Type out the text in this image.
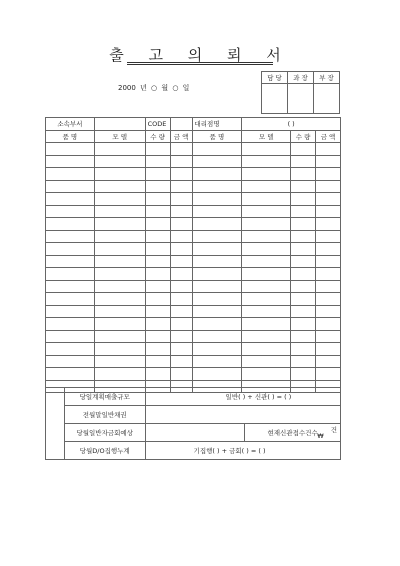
출 고 의 뢰 서
2000 년 ○ 월 ○ 일
담 당	과 장	부 장

소속부서		CODE		대리점명	( )		
품 명	모 델	수 량	금 액	품 명	모 델	수 량	금 액

	당일계획매출규모	일반( ) + 신관( ) = ( )	
	전월말일반채권		
	당월일반자금회예상		현재신관접수건수 건
₩

	당월D/O집행누계	기집행( ) + 금회( ) = ( )	
